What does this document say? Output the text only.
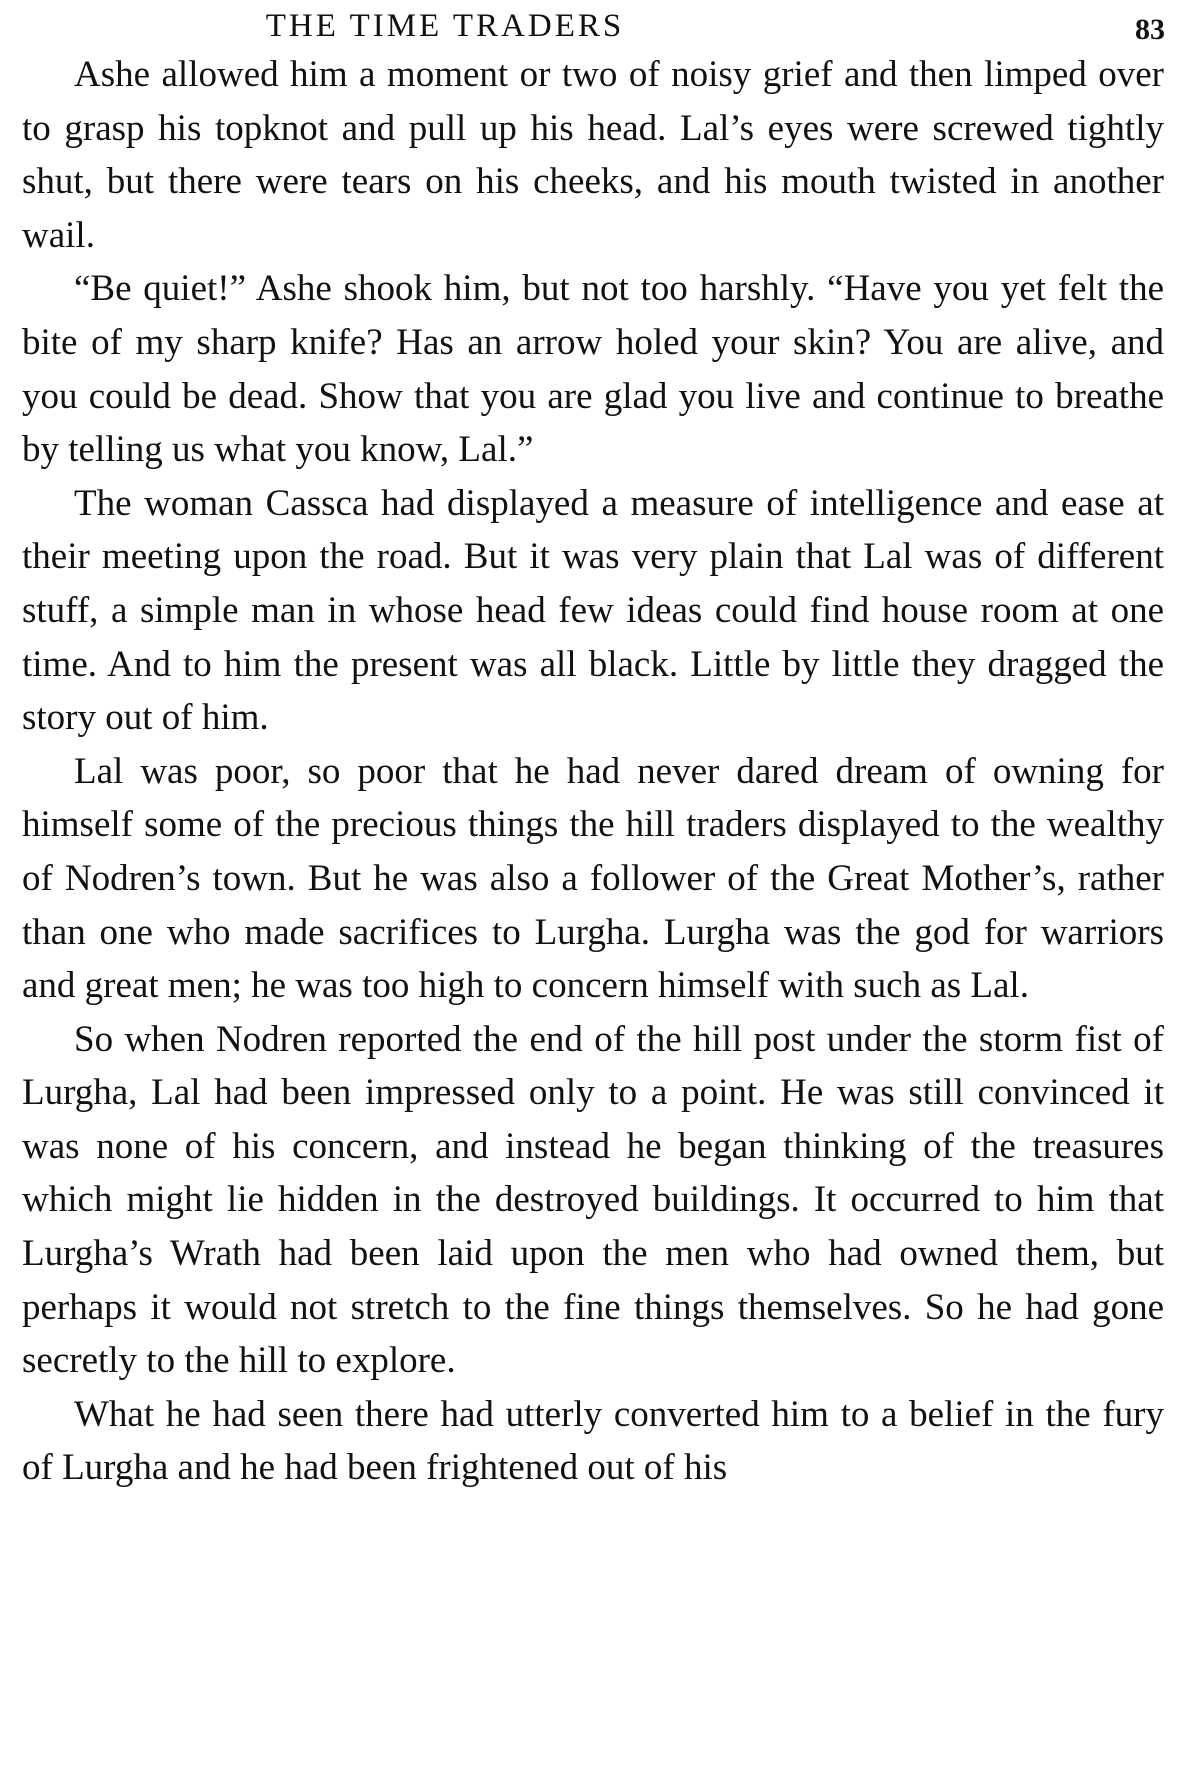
THE TIME TRADERS	83

Ashe allowed him a moment or two of noisy grief and then limped over to grasp his topknot and pull up his head. Lal’s eyes were screwed tightly shut, but there were tears on his cheeks, and his mouth twisted in another wail.

“Be quiet!” Ashe shook him, but not too harshly. “Have you yet felt the bite of my sharp knife? Has an arrow holed your skin? You are alive, and you could be dead. Show that you are glad you live and continue to breathe by telling us what you know, Lal.”

The woman Cassca had displayed a measure of intelligence and ease at their meeting upon the road. But it was very plain that Lal was of different stuff, a simple man in whose head few ideas could find house room at one time. And to him the present was all black. Little by little they dragged the story out of him.

Lal was poor, so poor that he had never dared dream of owning for himself some of the precious things the hill traders displayed to the wealthy of Nodren’s town. But he was also a follower of the Great Mother’s, rather than one who made sacrifices to Lurgha. Lurgha was the god for warriors and great men; he was too high to concern himself with such as Lal.

So when Nodren reported the end of the hill post under the storm fist of Lurgha, Lal had been impressed only to a point. He was still convinced it was none of his concern, and instead he began thinking of the treasures which might lie hidden in the destroyed buildings. It occurred to him that Lurgha’s Wrath had been laid upon the men who had owned them, but perhaps it would not stretch to the fine things themselves. So he had gone secretly to the hill to explore.

What he had seen there had utterly converted him to a belief in the fury of Lurgha and he had been frightened out of his
